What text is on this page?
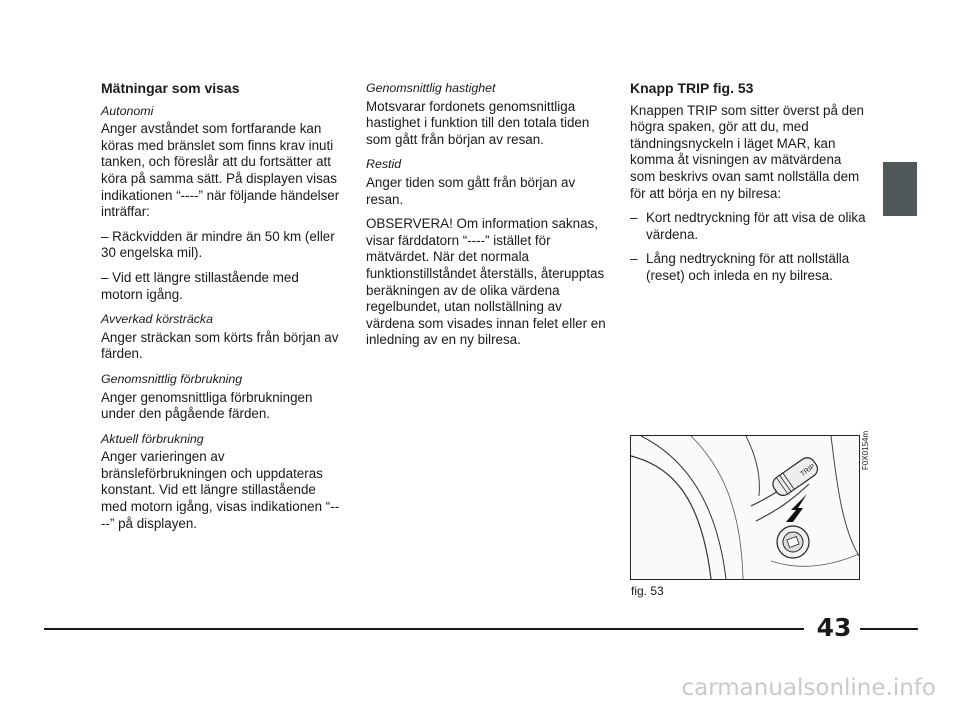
Mätningar som visas

Autonomi

Anger avståndet som fortfarande kan köras med bränslet som finns krav inuti tanken, och föreslår att du fortsätter att köra på samma sätt. På displayen visas indikationen “----” när följande händelser inträffar:

– Räckvidden är mindre än 50 km (eller 30 engelska mil).

– Vid ett längre stillastående med motorn igång.

Avverkad körsträcka

Anger sträckan som körts från början av färden.

Genomsnittlig förbrukning

Anger genomsnittliga förbrukningen under den pågående färden.

Aktuell förbrukning

Anger varieringen av bränsleförbrukningen och uppdateras konstant. Vid ett längre stillastående med motorn igång, visas indikationen “----” på displayen.

Genomsnittlig hastighet

Motsvarar fordonets genomsnittliga hastighet i funktion till den totala tiden som gått från början av resan.

Restid

Anger tiden som gått från början av resan.

OBSERVERA! Om information saknas, visar färddatorn “----” istället för mätvärdet. När det normala funktionstillståndet återställs, återupptas beräkningen av de olika värdena regelbundet, utan nollställning av värdena som visades innan felet eller en inledning av en ny bilresa.

Knapp TRIP fig. 53

Knappen TRIP som sitter överst på den högra spaken, gör att du, med tändningsnyckeln i läget MAR, kan komma åt visningen av mätvärdena som beskrivs ovan samt nollställa dem för att börja en ny bilresa:

– Kort nedtryckning för att visa de olika värdena.
– Lång nedtryckning för att nollställa (reset) och inleda en ny bilresa.
TRIP
F0X0154m
fig. 53
43
carmanualsonline.info
